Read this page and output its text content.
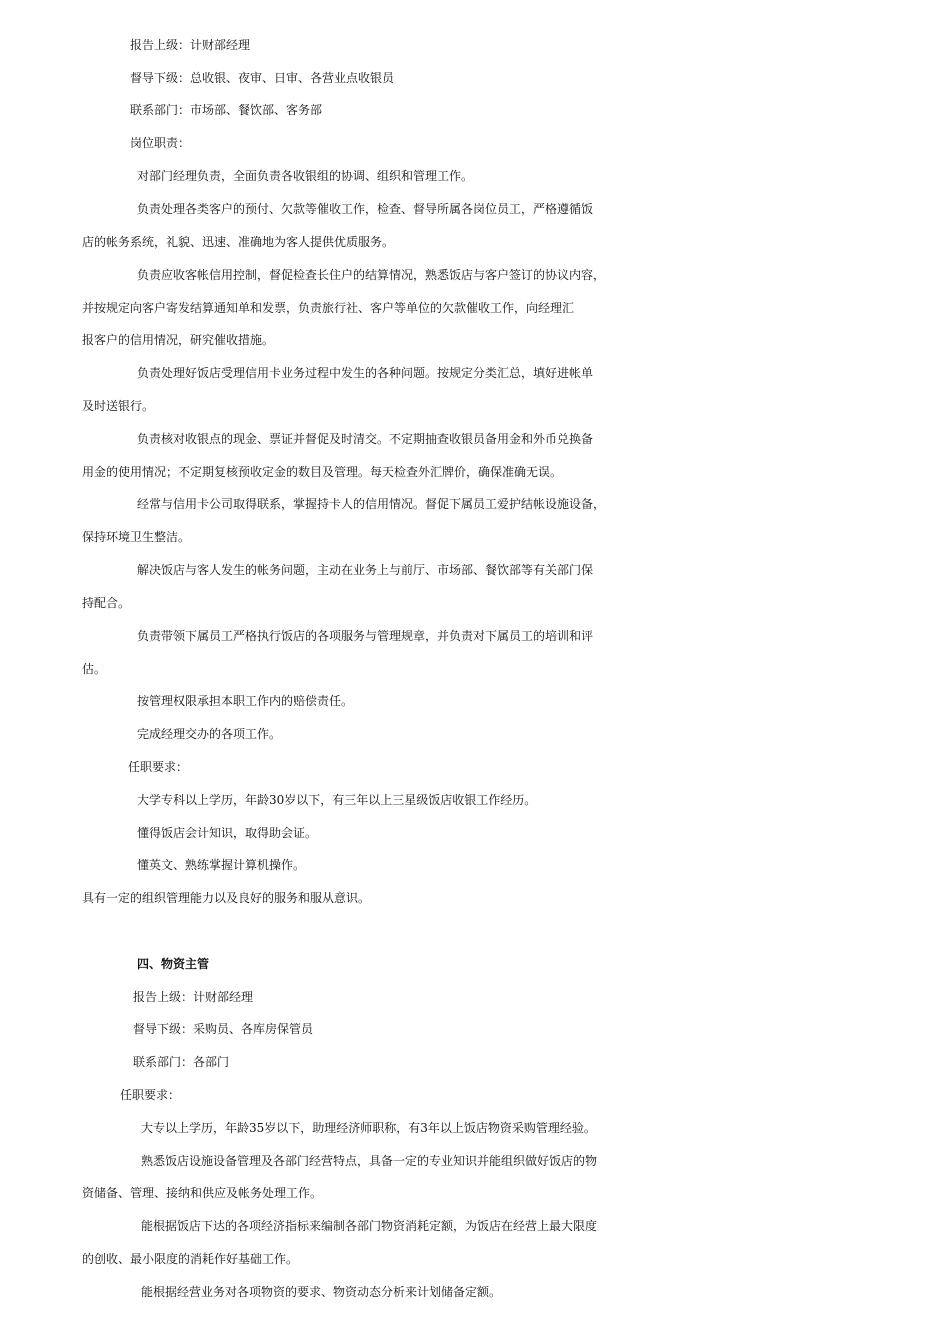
报告上级：计财部经理
督导下级：总收银、夜审、日审、各营业点收银员
联系部门：市场部、餐饮部、客务部
岗位职责：
对部门经理负责，全面负责各收银组的协调、组织和管理工作。
负责处理各类客户的预付、欠款等催收工作，检查、督导所属各岗位员工，严格遵循饭
店的帐务系统，礼貌、迅速、准确地为客人提供优质服务。
负责应收客帐信用控制，督促检查长住户的结算情况，熟悉饭店与客户签订的协议内容，
并按规定向客户寄发结算通知单和发票，负责旅行社、客户等单位的欠款催收工作，向经理汇
报客户的信用情况，研究催收措施。
负责处理好饭店受理信用卡业务过程中发生的各种问题。按规定分类汇总，填好进帐单
及时送银行。
负责核对收银点的现金、票证并督促及时清交。不定期抽查收银员备用金和外币兑换备
用金的使用情况；不定期复核预收定金的数目及管理。每天检查外汇牌价，确保准确无误。
经常与信用卡公司取得联系，掌握持卡人的信用情况。督促下属员工爱护结帐设施设备，
保持环境卫生整洁。
解决饭店与客人发生的帐务问题，主动在业务上与前厅、市场部、餐饮部等有关部门保
持配合。
负责带领下属员工严格执行饭店的各项服务与管理规章，并负责对下属员工的培训和评
估。
按管理权限承担本职工作内的赔偿责任。
完成经理交办的各项工作。
任职要求：
大学专科以上学历，年龄30岁以下，有三年以上三星级饭店收银工作经历。
懂得饭店会计知识，取得助会证。
懂英文、熟练掌握计算机操作。
具有一定的组织管理能力以及良好的服务和服从意识。
四、物资主管
报告上级：计财部经理
督导下级：采购员、各库房保管员
联系部门：各部门
任职要求：
大专以上学历，年龄35岁以下，助理经济师职称，有3年以上饭店物资采购管理经验。
熟悉饭店设施设备管理及各部门经营特点，具备一定的专业知识并能组织做好饭店的物
资储备、管理、接纳和供应及帐务处理工作。
能根据饭店下达的各项经济指标来编制各部门物资消耗定额，为饭店在经营上最大限度
的创收、最小限度的消耗作好基础工作。
能根据经营业务对各项物资的要求、物资动态分析来计划储备定额。
